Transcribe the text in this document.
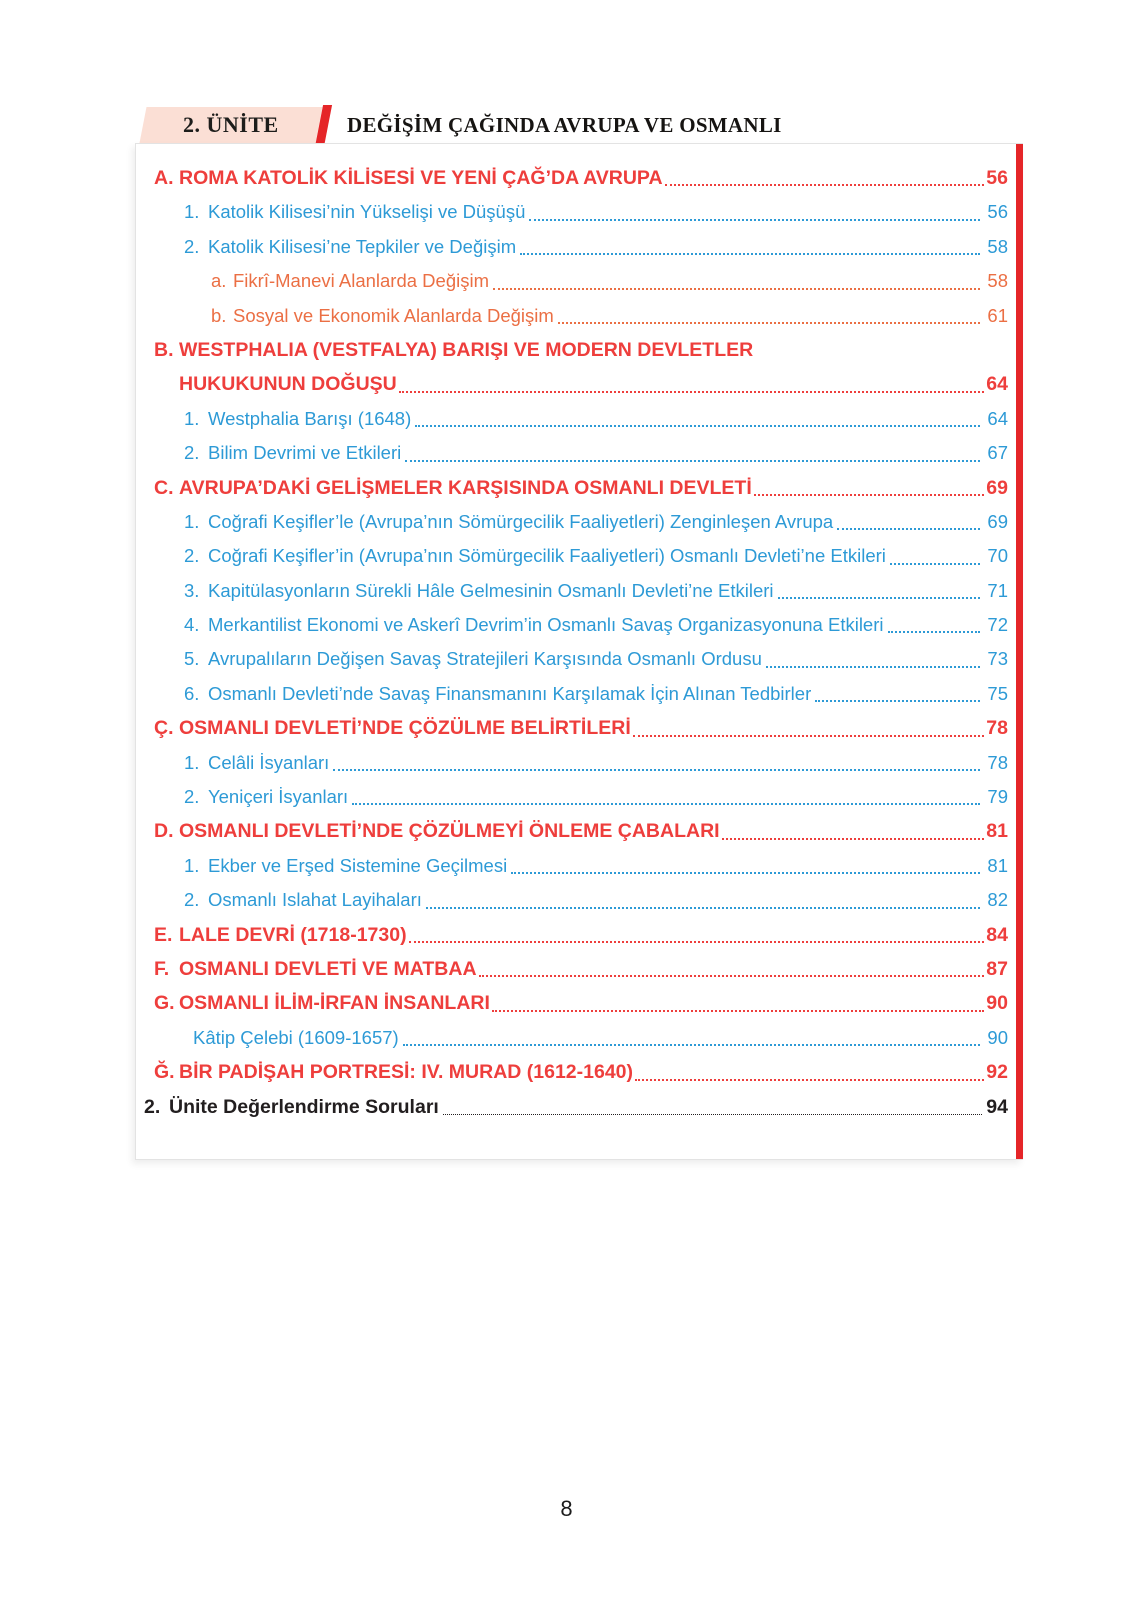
2. ÜNİTE	DEĞİŞİM ÇAĞINDA AVRUPA VE OSMANLI
A. ROMA KATOLİK KİLİSESİ VE YENİ ÇAĞ’DA AVRUPA	56
1. Katolik Kilisesi’nin Yükselişi ve Düşüşü	56
2. Katolik Kilisesi’ne Tepkiler ve Değişim	58
a. Fikrî-Manevi Alanlarda Değişim	58
b. Sosyal ve Ekonomik Alanlarda Değişim	61
B. WESTPHALIA (VESTFALYA) BARIŞI VE MODERN DEVLETLER
HUKUKUNUN DOĞUŞU	64
1. Westphalia Barışı (1648)	64
2. Bilim Devrimi ve Etkileri	67
C. AVRUPA’DAKİ GELİŞMELER KARŞISINDA OSMANLI DEVLETİ	69
1. Coğrafi Keşifler’le (Avrupa’nın Sömürgecilik Faaliyetleri) Zenginleşen Avrupa	69
2. Coğrafi Keşifler’in (Avrupa’nın Sömürgecilik Faaliyetleri) Osmanlı Devleti’ne Etkileri	70
3. Kapitülasyonların Sürekli Hâle Gelmesinin Osmanlı Devleti’ne Etkileri	71
4. Merkantilist Ekonomi ve Askerî Devrim’in Osmanlı Savaş Organizasyonuna Etkileri	72
5. Avrupalıların Değişen Savaş Stratejileri Karşısında Osmanlı Ordusu	73
6. Osmanlı Devleti’nde Savaş Finansmanını Karşılamak İçin Alınan Tedbirler	75
Ç. OSMANLI DEVLETİ’NDE ÇÖZÜLME BELİRTİLERİ	78
1. Celâli İsyanları	78
2. Yeniçeri İsyanları	79
D. OSMANLI DEVLETİ’NDE ÇÖZÜLMEYİ ÖNLEME ÇABALARI	81
1. Ekber ve Erşed Sistemine Geçilmesi	81
2. Osmanlı Islahat Layihaları	82
E. LALE DEVRİ (1718-1730)	84
F. OSMANLI DEVLETİ VE MATBAA	87
G. OSMANLI İLİM-İRFAN İNSANLARI	90
Kâtip Çelebi (1609-1657)	90
Ğ. BİR PADİŞAH PORTRESİ: IV. MURAD (1612-1640)	92
2. Ünite Değerlendirme Soruları	94
8
